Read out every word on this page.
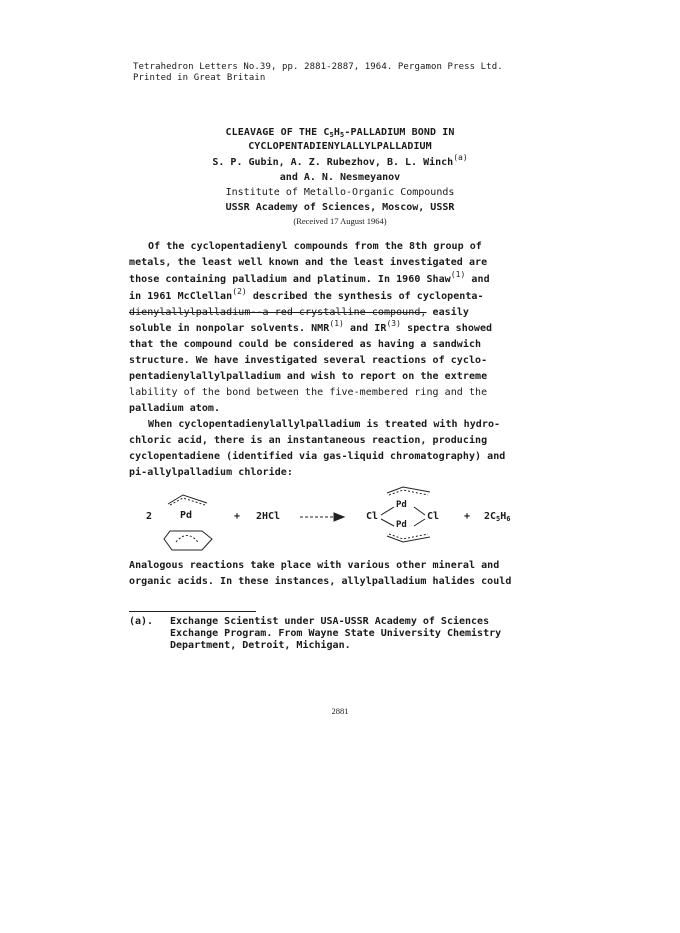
Tetrahedron Letters No.39, pp. 2881-2887, 1964. Pergamon Press Ltd.
Printed in Great Britain
CLEAVAGE OF THE $C_5H_5$-PALLADIUM BOND IN
CYCLOPENTADIENYLALLYLPALLADIUM
S. P. Gubin, A. Z. Rubezhov, B. L. Winch$^{(a)}$
and A. N. Nesmeyanov
Institute of Metallo-Organic Compounds
USSR Academy of Sciences, Moscow, USSR
(Received 17 August 1964)
Of the cyclopentadienyl compounds from the 8th group of
metals, the least well known and the least investigated are
those containing palladium and platinum. In 1960 Shaw$^{(1)}$ and
in 1961 McClellan$^{(2)}$ described the synthesis of cyclopenta-
dienylallylpalladium--a red crystalline compound, easily
soluble in nonpolar solvents. NMR$^{(1)}$ and IR$^{(3)}$ spectra showed
that the compound could be considered as having a sandwich
structure. We have investigated several reactions of cyclo-
pentadienylallylpalladium and wish to report on the extreme
lability of the bond between the five-membered ring and the
palladium atom.
When cyclopentadienylallylpalladium is treated with hydro-
chloric acid, there is an instantaneous reaction, producing
cyclopentadiene (identified via gas-liquid chromatography) and
pi-allylpalladium chloride:
2	Pd	+ 2HCl	Cl
Pd
Pd
$Cl + 2C_5H_6$
Analogous reactions take place with various other mineral and
organic acids. In these instances, allylpalladium halides could
(a). Exchange Scientist under USA-USSR Academy of Sciences
Exchange Program. From Wayne State University Chemistry
Department, Detroit, Michigan.
2881
